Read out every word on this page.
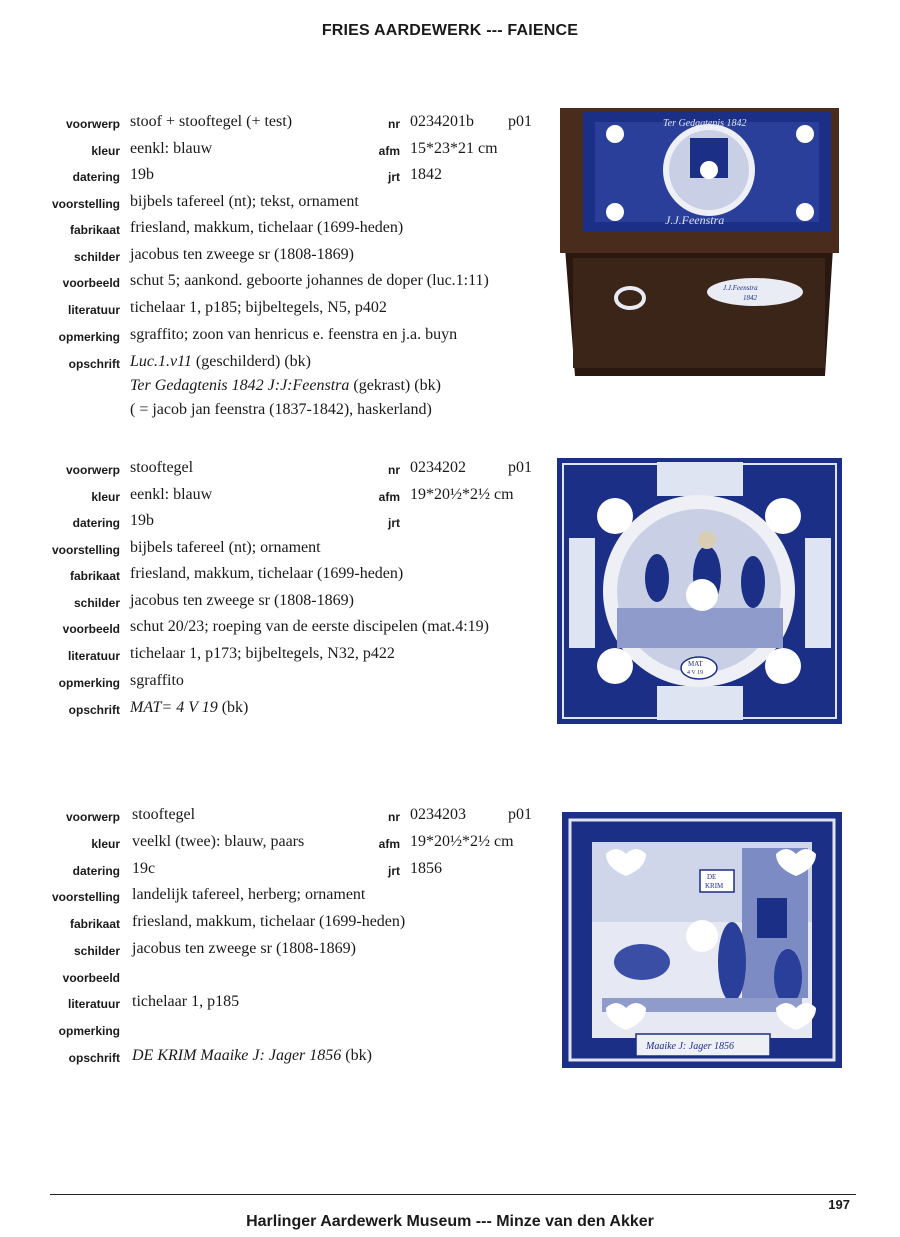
FRIES AARDEWERK --- FAIENCE
voorwerp stoof + stooftegel (+ test)	nr 0234201b p01
kleur eenkl: blauw	afm 15*23*21 cm
datering 19b	jrt 1842
voorstelling bijbels tafereel (nt); tekst, ornament
fabrikaat friesland, makkum, tichelaar (1699-heden)
schilder jacobus ten zweege sr (1808-1869)
voorbeeld schut 5; aankond. geboorte johannes de doper (luc.1:11)
literatuur tichelaar 1, p185; bijbeltegels, N5, p402
opmerking sgraffito; zoon van henricus e. feenstra en j.a. buyn
opschrift Luc.1.v11 (geschilderd) (bk)
Ter Gedagtenis 1842 J:J:Feenstra (gekrast) (bk)
( = jacob jan feenstra (1837-1842), haskerland)
Ter Gedagtenis 1842
J.J.Feenstra
J.J.Feenstra
1842
voorwerp stooftegel	nr 0234202	p01
kleur eenkl: blauw	afm 19*20½*2½ cm
datering 19b	jrt
voorstelling bijbels tafereel (nt); ornament
fabrikaat friesland, makkum, tichelaar (1699-heden)
schilder jacobus ten zweege sr (1808-1869)
voorbeeld schut 20/23; roeping van de eerste discipelen (mat.4:19)
literatuur tichelaar 1, p173; bijbeltegels, N32, p422
opmerking sgraffito
opschrift MAT= 4 V 19 (bk)
MAT
4 V 19
voorwerp stooftegel	nr 0234203	p01
kleur veelkl (twee): blauw, paars	afm 19*20½*2½ cm
datering 19c	jrt 1856
voorstelling landelijk tafereel, herberg; ornament
fabrikaat friesland, makkum, tichelaar (1699-heden)
schilder jacobus ten zweege sr (1808-1869)
voorbeeld
literatuur tichelaar 1, p185
opmerking
opschrift DE KRIM Maaike J: Jager 1856 (bk)
DE
KRIM
Maaike J: Jager 1856
197
Harlinger Aardewerk Museum --- Minze van den Akker
